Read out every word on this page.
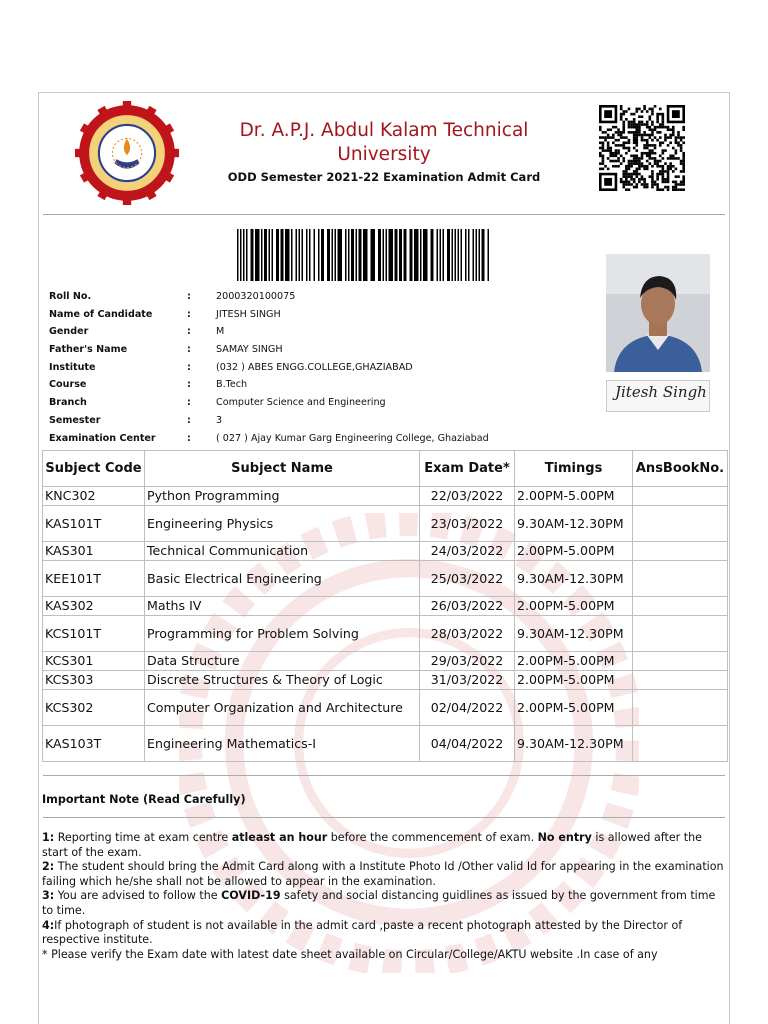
Dr. A.P.J. Abdul Kalam Technical
University
ODD Semester 2021-22 Examination Admit Card
Roll No.	:	2000320100075
Name of Candidate	:	JITESH SINGH
Gender	:	M
Father's Name	:	SAMAY SINGH
Institute	:	(032 ) ABES ENGG.COLLEGE,GHAZIABAD
Course	:	B.Tech
Branch	:	Computer Science and Engineering
Semester	:	3
Examination Center	:	( 027 ) Ajay Kumar Garg Engineering College, Ghaziabad
Jitesh Singh
Subject Code	Subject Name	Exam Date*	Timings	AnsBookNo.
KNC302	Python Programming	22/03/2022	2.00PM-5.00PM	
KAS101T	Engineering Physics	23/03/2022	9.30AM-12.30PM	
KAS301	Technical Communication	24/03/2022	2.00PM-5.00PM	
KEE101T	Basic Electrical Engineering	25/03/2022	9.30AM-12.30PM	
KAS302	Maths IV	26/03/2022	2.00PM-5.00PM	
KCS101T	Programming for Problem Solving	28/03/2022	9.30AM-12.30PM	
KCS301	Data Structure	29/03/2022	2.00PM-5.00PM	
KCS303	Discrete Structures & Theory of Logic	31/03/2022	2.00PM-5.00PM	
KCS302	Computer Organization and Architecture	02/04/2022	2.00PM-5.00PM	
KAS103T	Engineering Mathematics-I	04/04/2022	9.30AM-12.30PM	
Important Note (Read Carefully)

1: Reporting time at exam centre atleast an hour before the commencement of exam. No entry is allowed after the start of the exam.

2: The student should bring the Admit Card along with a Institute Photo Id /Other valid Id for appearing in the examination failing which he/she shall not be allowed to appear in the examination.

3: You are advised to follow the COVID-19 safety and social distancing guidlines as issued by the government from time to time.

4:If photograph of student is not available in the admit card ,paste a recent photograph attested by the Director of respective institute.

* Please verify the Exam date with latest date sheet available on Circular/College/AKTU website .In case of any
